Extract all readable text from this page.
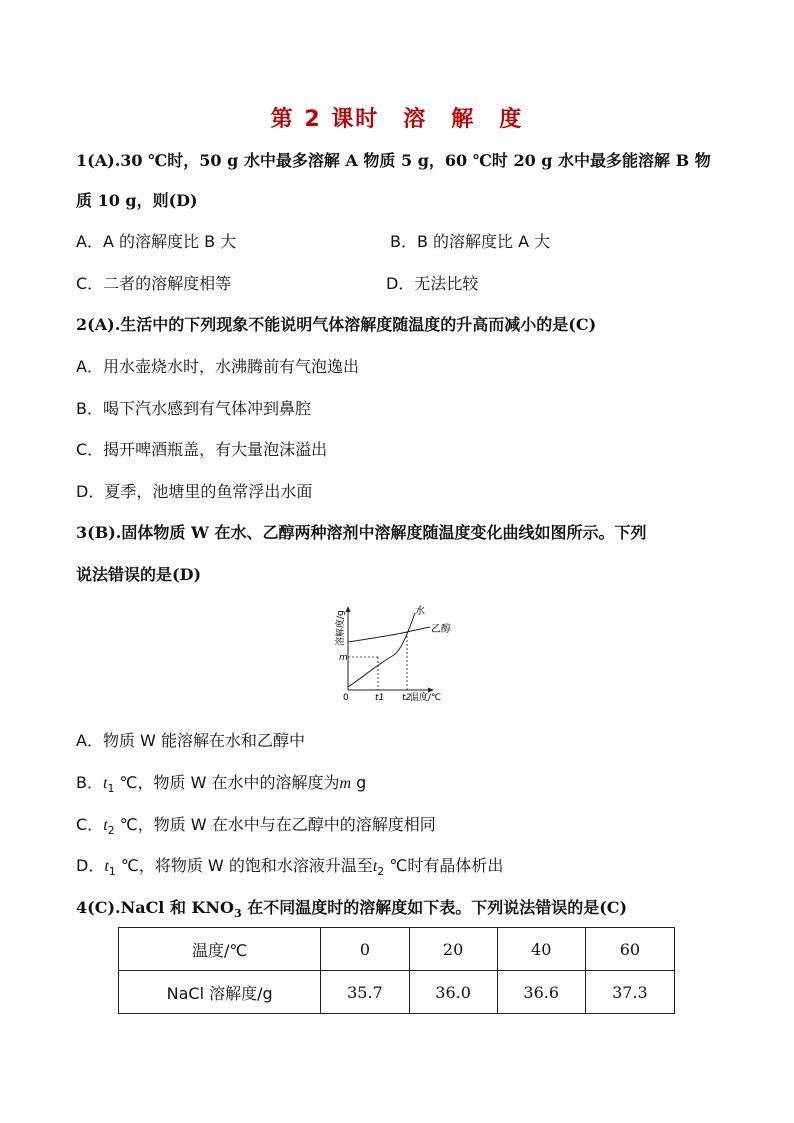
第 2 课时　溶　解　度
1(A).30 ℃时，50 g 水中最多溶解 A 物质 5 g，60 ℃时 20 g 水中最多能溶解 B 物
质 10 g，则(D)
A．A 的溶解度比 B 大	B．B 的溶解度比 A 大
C．二者的溶解度相等	D．无法比较
2(A).生活中的下列现象不能说明气体溶解度随温度的升高而减小的是(C)
A．用水壶烧水时，水沸腾前有气泡逸出
B．喝下汽水感到有气体冲到鼻腔
C．揭开啤酒瓶盖，有大量泡沫溢出
D．夏季，池塘里的鱼常浮出水面
3(B).固体物质 W 在水、乙醇两种溶剂中溶解度随温度变化曲线如图所示。下列
说法错误的是(D)
溶解度/g
温度/℃
0
m
t1 t2
水
乙醇
A．物质 W 能溶解在水和乙醇中
B．$t_1$ ℃，物质 W 在水中的溶解度为m g
C．$t_2$ ℃，物质 W 在水中与在乙醇中的溶解度相同
D．$t_1$ ℃，将物质 W 的饱和水溶液升温至$t_2$ ℃时有晶体析出
4(C).NaCl 和 $KNO_3$ 在不同温度时的溶解度如下表。下列说法错误的是(C)
温度/℃	0	20	40	60
NaCl 溶解度/g	35.7	36.0	36.6	37.3
